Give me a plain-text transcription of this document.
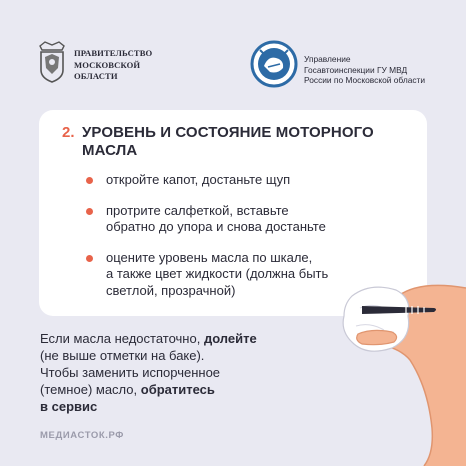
ПРАВИТЕЛЬСТВО
МОСКОВСКОЙ
ОБЛАСТИ
Управление
Госавтоинспекции ГУ МВД
России по Московской области
2. УРОВЕНЬ И СОСТОЯНИЕ МОТОРНОГО
МАСЛА
откройте капот, достаньте щуп
протрите салфеткой, вставьте
обратно до упора и снова достаньте
оцените уровень масла по шкале,
а также цвет жидкости (должна быть
светлой, прозрачной)
Если масла недостаточно, долейте
(не выше отметки на баке).
Чтобы заменить испорченное
(темное) масло, обратитесь
в сервис
МЕДИАСТОК.РФ
